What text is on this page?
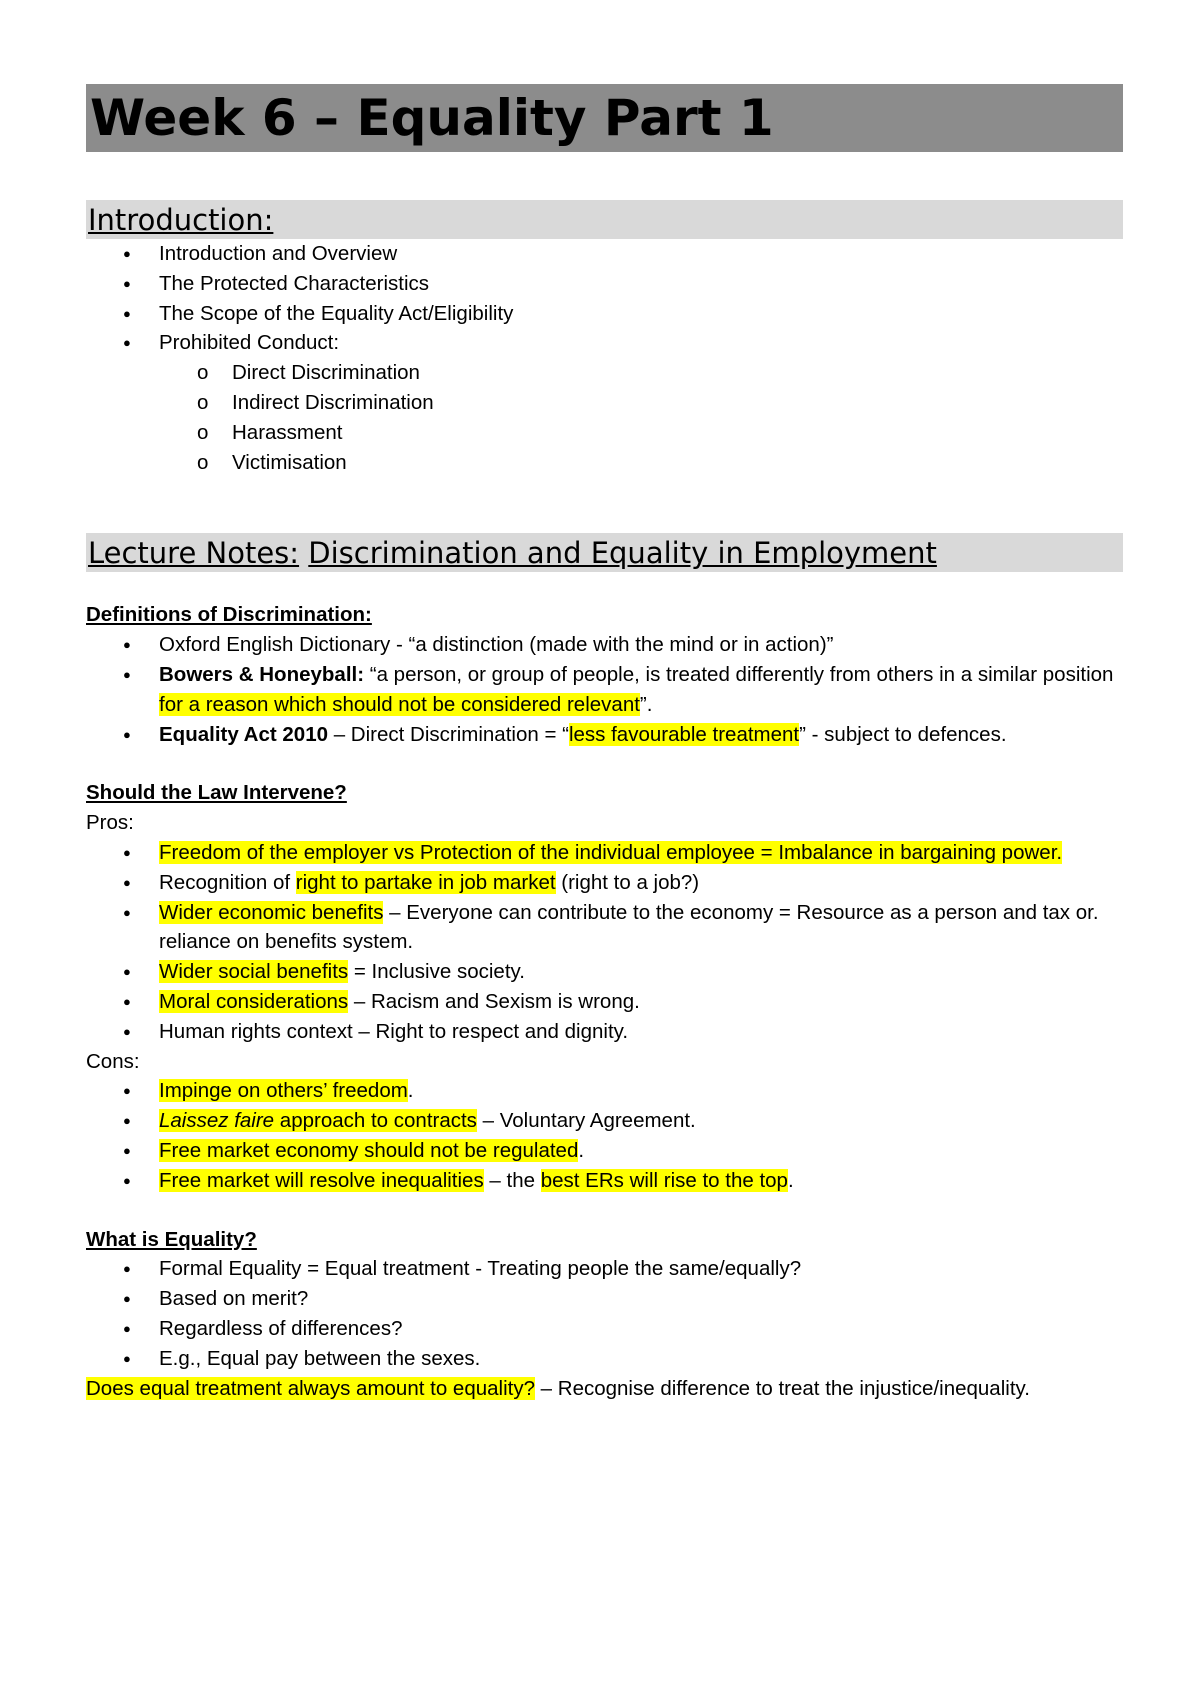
Week 6 – Equality Part 1
Introduction:
● Introduction and Overview
● The Protected Characteristics
● The Scope of the Equality Act/Eligibility
● Prohibited Conduct:
o Direct Discrimination
o Indirect Discrimination
o Harassment
o Victimisation
Lecture Notes: Discrimination and Equality in Employment

Definitions of Discrimination:

● Oxford English Dictionary - “a distinction (made with the mind or in action)”
● Bowers & Honeyball: “a person, or group of people, is treated differently from others in a similar position for a reason which should not be considered relevant”.
● Equality Act 2010 – Direct Discrimination = “less favourable treatment” - subject to defences.

Should the Law Intervene?

Pros:

● Freedom of the employer vs Protection of the individual employee = Imbalance in bargaining power.
● Recognition of right to partake in job market (right to a job?)
● Wider economic benefits – Everyone can contribute to the economy = Resource as a person and tax or. reliance on benefits system.
● Wider social benefits = Inclusive society.
● Moral considerations – Racism and Sexism is wrong.
● Human rights context – Right to respect and dignity.

Cons:

● Impinge on others’ freedom.
● Laissez faire approach to contracts – Voluntary Agreement.
● Free market economy should not be regulated.
● Free market will resolve inequalities – the best ERs will rise to the top.

What is Equality?

● Formal Equality = Equal treatment - Treating people the same/equally?
● Based on merit?
● Regardless of differences?
● E.g., Equal pay between the sexes.

Does equal treatment always amount to equality? – Recognise difference to treat the injustice/inequality.
